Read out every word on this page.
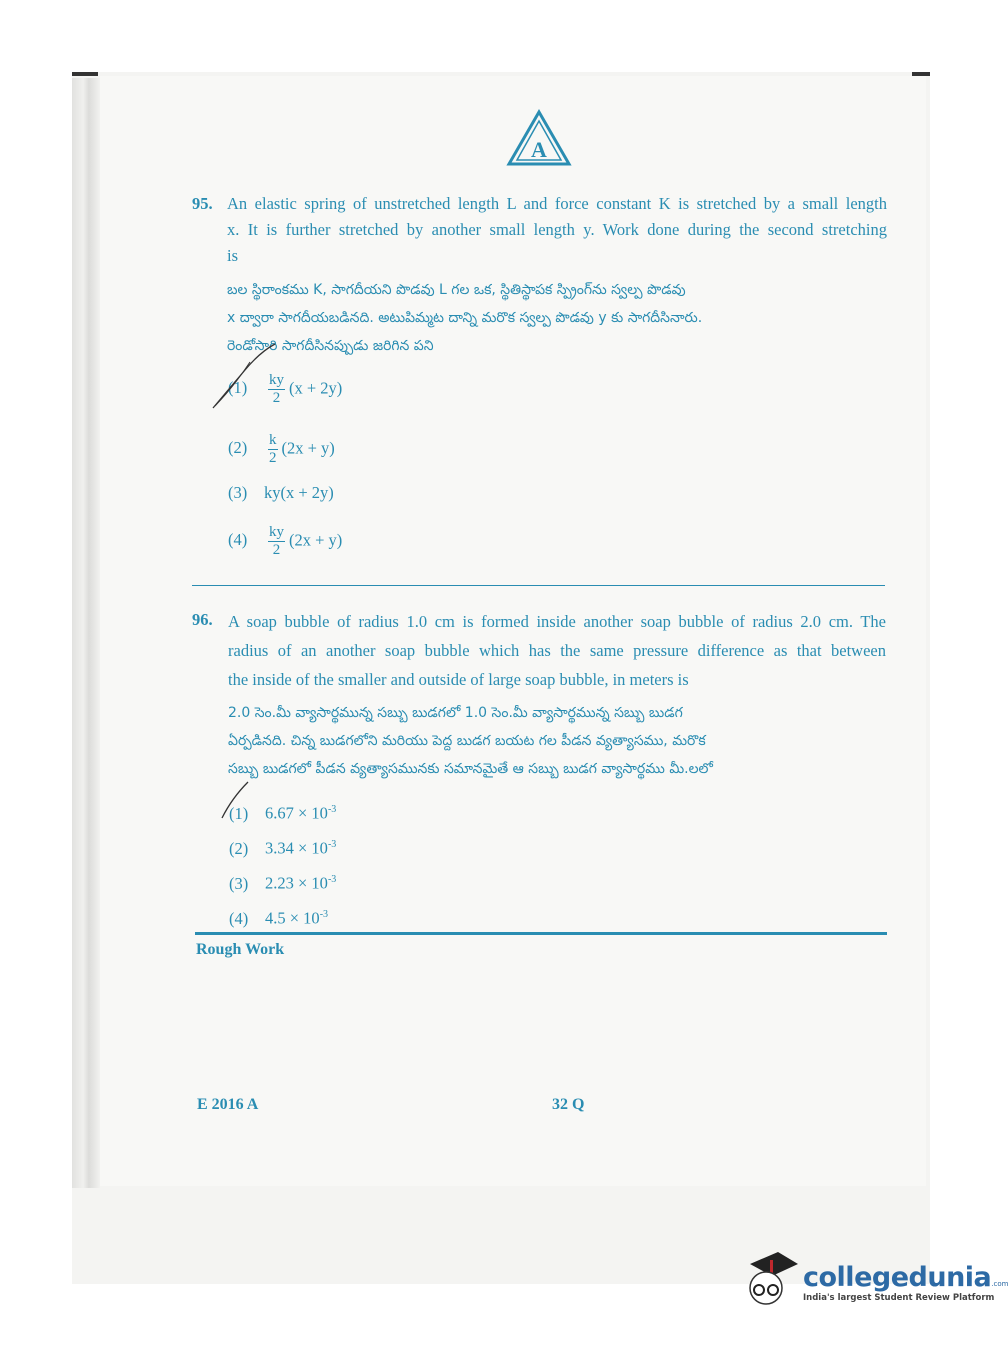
A
95. An elastic spring of unstretched length L and force constant K is stretched by a small length
x. It is further stretched by another small length y. Work done during the second stretching
is
బల స్థిరాంకము K, సాగదీయని పొడవు L గల ఒక, స్థితిస్థాపక స్ప్రింగ్‌ను స్వల్ప పొడవు
x ద్వారా సాగదీయబడినది. అటుపిమ్మట దాన్ని మరొక స్వల్ప పొడవు y కు సాగదీసినారు.
రెండోసారి సాగదీసినప్పుడు జరిగిన పని
$(1) \frac{ky}{2} (x + 2y)$
$(2) \frac{k}{2} (2x + y)$
(3) ky(x + 2y)
$(4) \frac{ky}{2} (2x + y)$
96. A soap bubble of radius 1.0 cm is formed inside another soap bubble of radius 2.0 cm. The
radius of an another soap bubble which has the same pressure difference as that between
the inside of the smaller and outside of large soap bubble, in meters is
2.0 సెం.మీ వ్యాసార్థమున్న సబ్బు బుడగలో 1.0 సెం.మీ వ్యాసార్థమున్న సబ్బు బుడగ
ఏర్పడినది. చిన్న బుడగలోని మరియు పెద్ద బుడగ బయట గల పీడన వ్యత్యాసము, మరొక
సబ్బు బుడగలో పీడన వ్యత్యాసమునకు సమానమైతే ఆ సబ్బు బుడగ వ్యాసార్థము మీ.లలో
(1) $6.67 \times 10^{-3}$
(2) $3.34 \times 10^{-3}$
(3) $2.23 \times 10^{-3}$
(4) $4.5 \times 10^{-3}$
Rough Work
E 2016 A	32 Q
collegedunia.com
India's largest Student Review Platform
